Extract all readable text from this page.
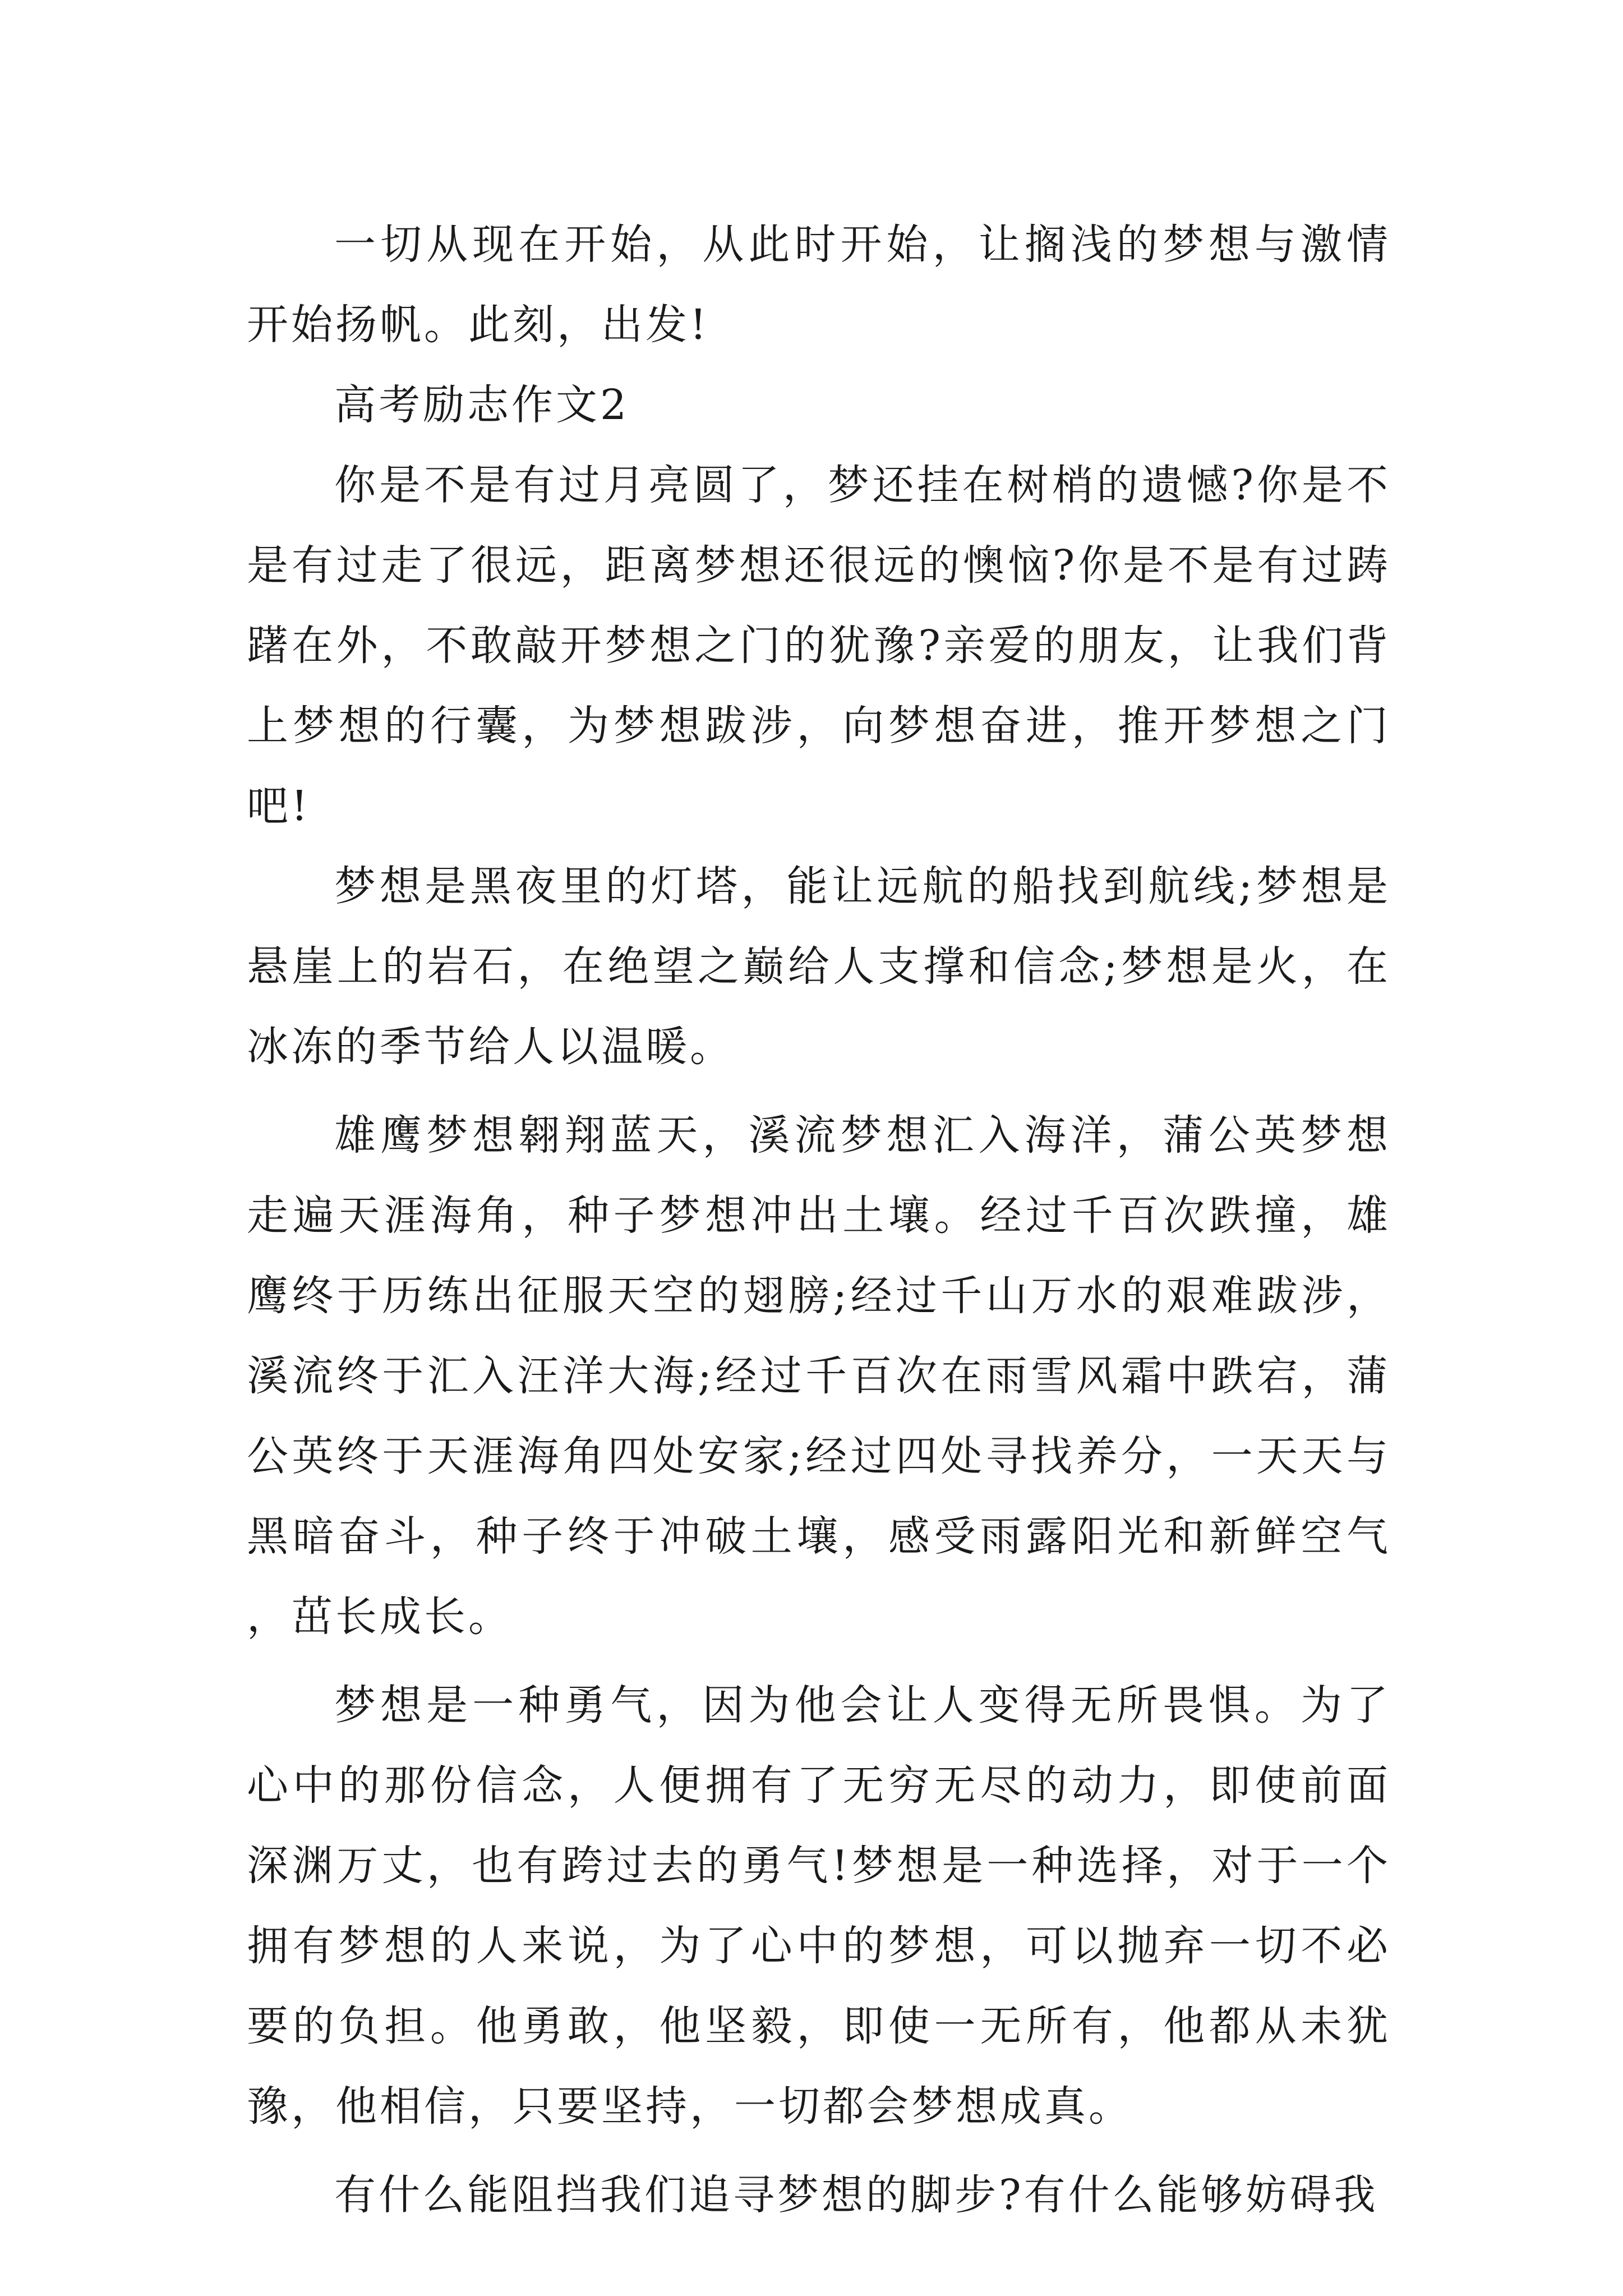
一切从现在开始，从此时开始，让搁浅的梦想与激情开始扬帆。此刻，出发!

高考励志作文2

你是不是有过月亮圆了，梦还挂在树梢的遗憾?你是不是有过走了很远，距离梦想还很远的懊恼?你是不是有过踌躇在外，不敢敲开梦想之门的犹豫?亲爱的朋友，让我们背上梦想的行囊，为梦想跋涉，向梦想奋进，推开梦想之门吧!

梦想是黑夜里的灯塔，能让远航的船找到航线;梦想是悬崖上的岩石，在绝望之巅给人支撑和信念;梦想是火，在冰冻的季节给人以温暖。

雄鹰梦想翱翔蓝天，溪流梦想汇入海洋，蒲公英梦想走遍天涯海角，种子梦想冲出土壤。经过千百次跌撞，雄鹰终于历练出征服天空的翅膀;经过千山万水的艰难跋涉，溪流终于汇入汪洋大海;经过千百次在雨雪风霜中跌宕，蒲公英终于天涯海角四处安家;经过四处寻找养分，一天天与黑暗奋斗，种子终于冲破土壤，感受雨露阳光和新鲜空气，茁长成长。

梦想是一种勇气，因为他会让人变得无所畏惧。为了心中的那份信念，人便拥有了无穷无尽的动力，即使前面深渊万丈，也有跨过去的勇气!梦想是一种选择，对于一个拥有梦想的人来说，为了心中的梦想，可以抛弃一切不必要的负担。他勇敢，他坚毅，即使一无所有，他都从未犹豫，他相信，只要坚持，一切都会梦想成真。

有什么能阻挡我们追寻梦想的脚步?有什么能够妨碍我
